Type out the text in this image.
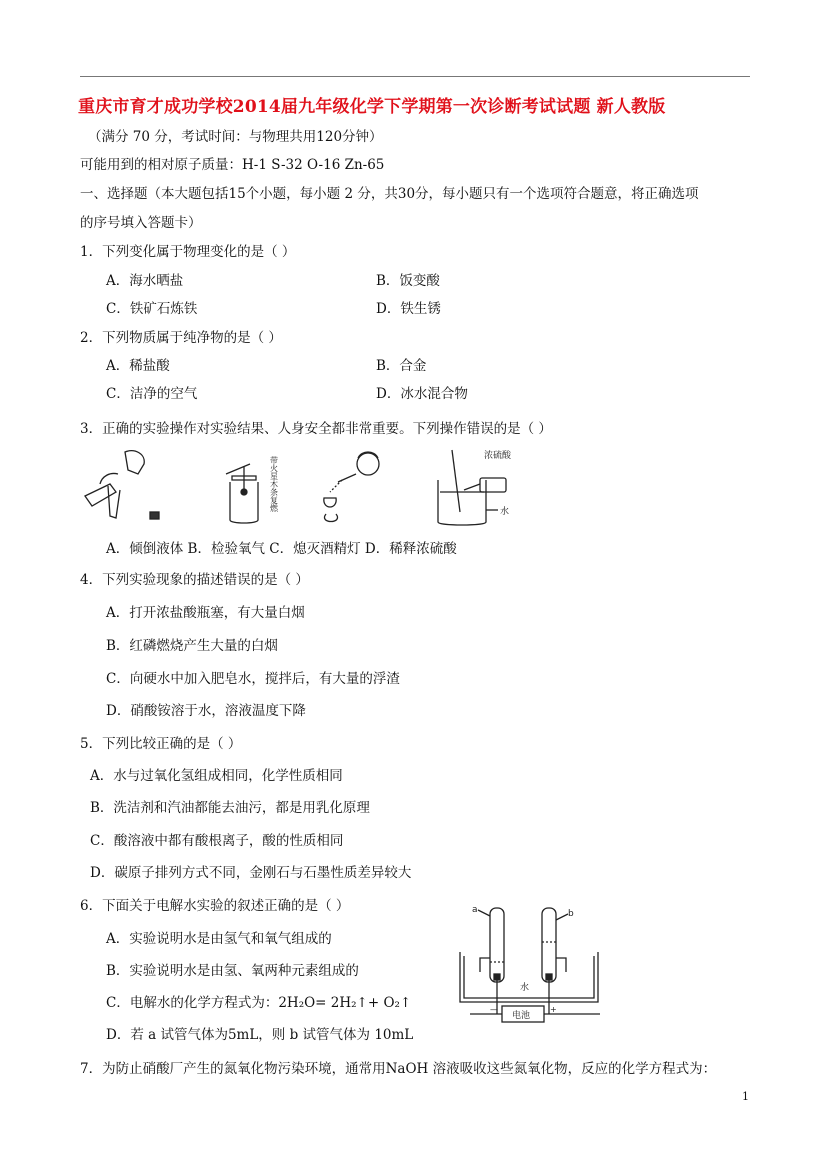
重庆市育才成功学校2014届九年级化学下学期第一次诊断考试试题 新人教版
（满分 70 分，考试时间：与物理共用120分钟）
可能用到的相对原子质量：H-1 S-32 O-16 Zn-65
一、选择题（本大题包括15个小题，每小题 2 分，共30分，每小题只有一个选项符合题意，将正确选项
的序号填入答题卡）
1．下列变化属于物理变化的是（ ）
A．海水晒盐	B．饭变酸
C．铁矿石炼铁	D．铁生锈
2．下列物质属于纯净物的是（ ）
A．稀盐酸	B．合金
C．洁净的空气	D．冰水混合物
3．正确的实验操作对实验结果、人身安全都非常重要。下列操作错误的是（ ）
带火星木条复燃	浓硫酸
水
A．倾倒液体 B．检验氧气 C．熄灭酒精灯 D．稀释浓硫酸
4．下列实验现象的描述错误的是（ ）
A．打开浓盐酸瓶塞，有大量白烟
B．红磷燃烧产生大量的白烟
C．向硬水中加入肥皂水，搅拌后，有大量的浮渣
D．硝酸铵溶于水，溶液温度下降
5．下列比较正确的是（ ）
A．水与过氧化氢组成相同，化学性质相同
B．洗洁剂和汽油都能去油污，都是用乳化原理
C．酸溶液中都有酸根离子，酸的性质相同
D．碳原子排列方式不同，金刚石与石墨性质差异较大
6．下面关于电解水实验的叙述正确的是（ ）
A．实验说明水是由氢气和氧气组成的
B．实验说明水是由氢、氧两种元素组成的
C．电解水的化学方程式为：2H₂O= 2H₂↑+ O₂↑
D．若 a 试管气体为5mL，则 b 试管气体为 10mL
a	b
水
电池
—	+
7．为防止硝酸厂产生的氮氧化物污染环境，通常用NaOH 溶液吸收这些氮氧化物，反应的化学方程式为：
1
